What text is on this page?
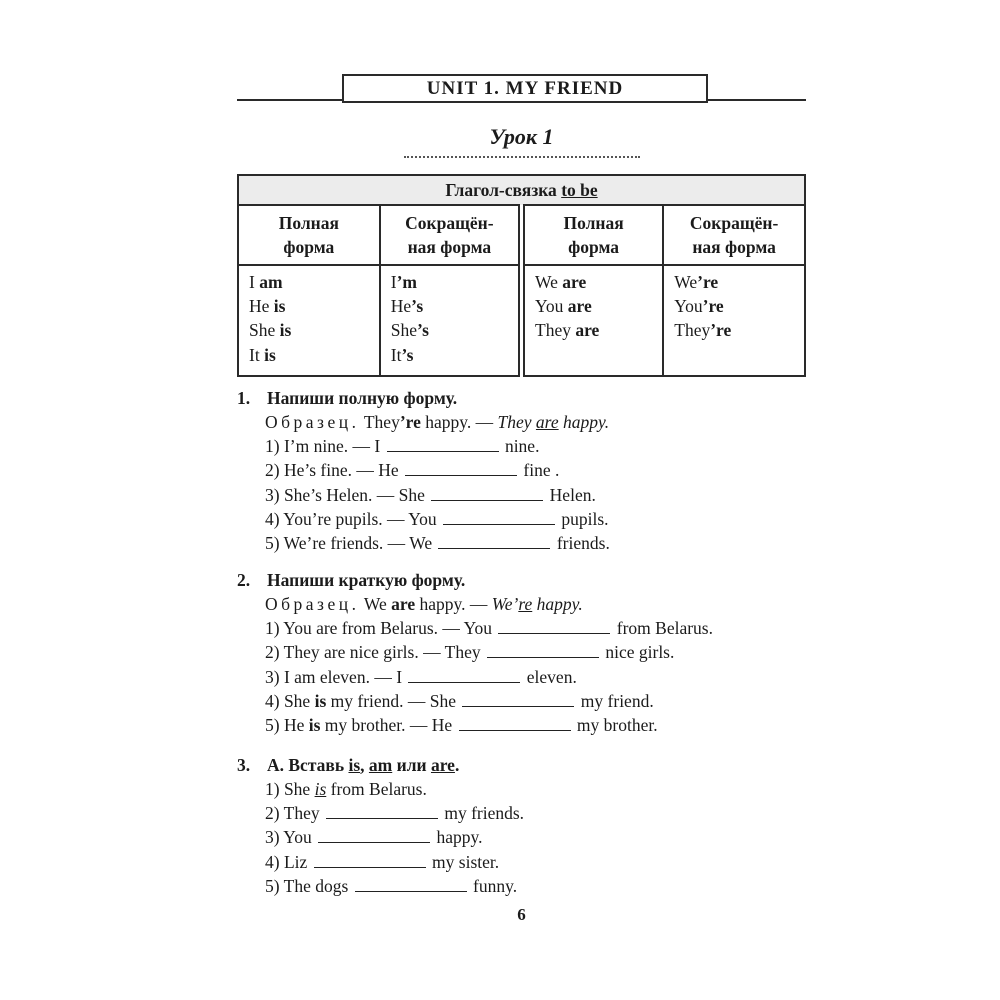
UNIT 1. MY FRIEND
Урок 1
Глагол-связка to be			

Полная
форма

Сокращён-
ная форма

Полная
форма

Сокращён-
ная форма

I am
He is
She is
It is

I’m
He’s
She’s
It’s

We are
You are
They are

We’re
You’re
They’re
1. Напиши полную форму.
Образец. They’re happy. — They are happy.
1) I’m nine. — I	nine.
2) He’s fine. — He	fine .
3) She’s Helen. — She	Helen.
4) You’re pupils. — You	pupils.
5) We’re friends. — We	friends.
2. Напиши краткую форму.
Образец. We are happy. — We’re happy.
1) You are from Belarus. — You	from Belarus.
2) They are nice girls. — They	nice girls.
3) I am eleven. — I	eleven.
4) She is my friend. — She	my friend.
5) He is my brother. — He	my brother.
3. А. Вставь is, am или are.
1) She is from Belarus.
2) They	my friends.
3) You	happy.
4) Liz	my sister.
5) The dogs	funny.
6
